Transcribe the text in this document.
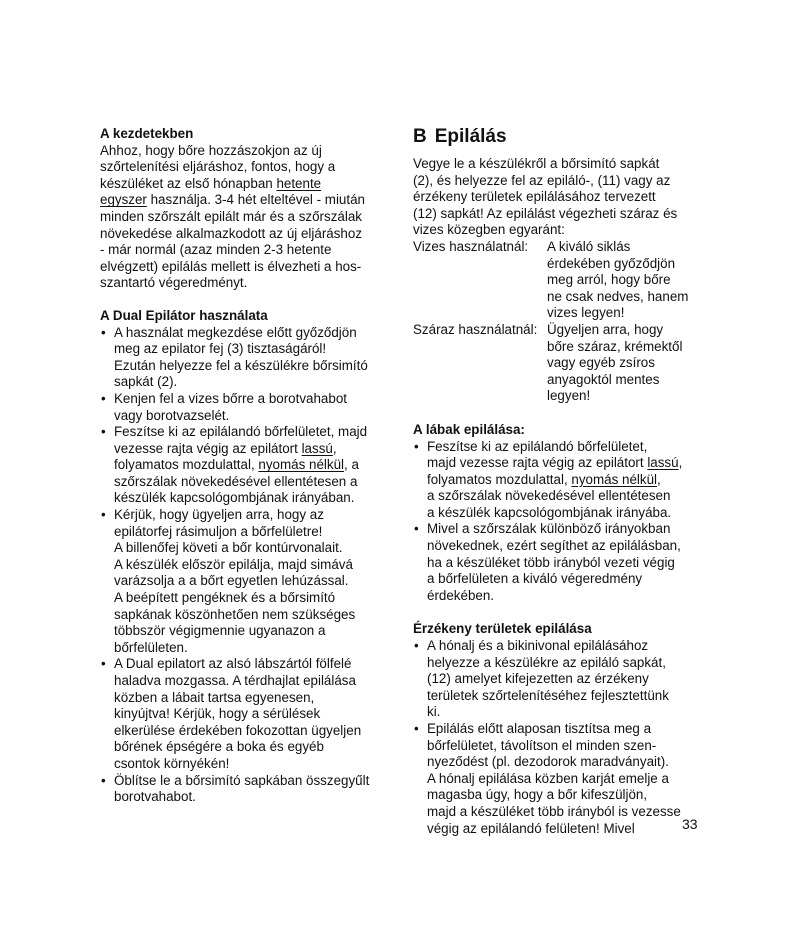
A kezdetekben

Ahhoz, hogy bőre hozzászokjon az új
szőrtelenítési eljáráshoz, fontos, hogy a
készüléket az első hónapban hetente
egyszer használja. 3-4 hét elteltével - miután
minden szőrszált epilált már és a szőrszálak
növekedése alkalmazkodott az új eljáráshoz
- már normál (azaz minden 2-3 hetente
elvégzett) epilálás mellett is élvezheti a hos-
szantartó végeredményt.

A Dual Epilátor használata
• A használat megkezdése előtt győződjön
meg az epilator fej (3) tisztaságáról!
Ezután helyezze fel a készülékre bőrsimító
sapkát (2).
• Kenjen fel a vizes bőrre a borotvahabot
vagy borotvazselét.
• Feszítse ki az epilálandó bőrfelületet, majd
vezesse rajta végig az epilátort lassú,
folyamatos mozdulattal, nyomás nélkül, a
szőrszálak növekedésével ellentétesen a
készülék kapcsológombjának irányában.
• Kérjük, hogy ügyeljen arra, hogy az
epilátorfej rásimuljon a bőrfelületre!
A billenőfej követi a bőr kontúrvonalait.
A készülék először epilálja, majd simává
varázsolja a a bőrt egyetlen lehúzással.
A beépített pengéknek és a bőrsimító
sapkának köszönhetően nem szükséges
többször végigmennie ugyanazon a
bőrfelületen.
• A Dual epilatort az alsó lábszártól fölfelé
haladva mozgassa. A térdhajlat epilálása
közben a lábait tartsa egyenesen,
kinyújtva! Kérjük, hogy a sérülések
elkerülése érdekében fokozottan ügyeljen
bőrének épségére a boka és egyéb
csontok környékén!
• Öblítse le a bőrsimító sapkában összegyűlt
borotvahabot.
B Epilálás

Vegye le a készülékről a bőrsimító sapkát
(2), és helyezze fel az epiláló-, (11) vagy az
érzékeny területek epilálásához tervezett
(12) sapkát! Az epilálást végezheti száraz és
vizes közegben egyaránt:

Vizes használatnál:	A kiváló siklás
érdekében győződjön
meg arról, hogy bőre
ne csak nedves, hanem
vizes legyen!
Száraz használatnál: Ügyeljen arra, hogy
bőre száraz, krémektől
vagy egyéb zsíros
anyagoktól mentes
legyen!
A lábak epilálása:
• Feszítse ki az epilálandó bőrfelületet,
majd vezesse rajta végig az epilátort lassú,
folyamatos mozdulattal, nyomás nélkül,
a szőrszálak növekedésével ellentétesen
a készülék kapcsológombjának irányába.
• Mivel a szőrszálak különböző irányokban
növekednek, ezért segíthet az epilálásban,
ha a készüléket több irányból vezeti végig
a bőrfelületen a kiváló végeredmény
érdekében.
Érzékeny területek epilálása
• A hónalj és a bikinivonal epilálásához
helyezze a készülékre az epiláló sapkát,
(12) amelyet kifejezetten az érzékeny
területek szőrtelenítéséhez fejlesztettünk
ki.
• Epilálás előtt alaposan tisztítsa meg a
bőrfelületet, távolítson el minden szen-
nyeződést (pl. dezodorok maradványait).
A hónalj epilálása közben karját emelje a
magasba úgy, hogy a bőr kifeszüljön,
majd a készüléket több irányból is vezesse
végig az epilálandó felületen! Mivel	33
